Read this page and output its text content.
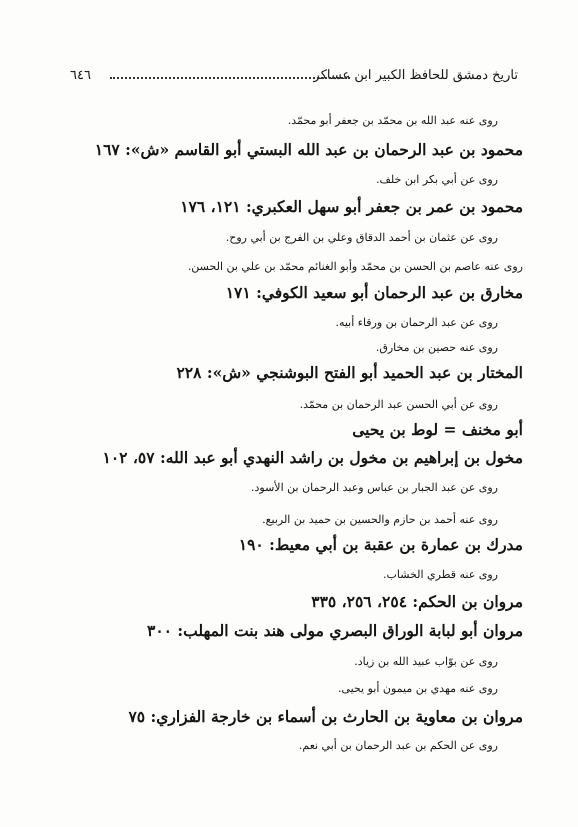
تاريخ دمشق للحافظ الكبير ابن عساكر
٦٤٦
روى عنه عبد الله بن محمّد بن جعفر أبو محمّد.
محمود بن عبد الرحمان بن عبد الله البستي أبو القاسم «ش»: ١٦٧
روى عن أبي بكر ابن خلف.
محمود بن عمر بن جعفر أبو سهل العكبري: ١٢١، ١٧٦
روى عن عثمان بن أحمد الدقاق وعلي بن الفرج بن أبي روح.
روى عنه عاصم بن الحسن بن محمّد وأبو الغنائم محمّد بن علي بن الحسن.
مخارق بن عبد الرحمان أبو سعيد الكوفي: ١٧١
روى عن عبد الرحمان بن ورقاء أبيه.
روى عنه حصين بن مخارق.
المختار بن عبد الحميد أبو الفتح البوشنجي «ش»: ٢٢٨
روى عن أبي الحسن عبد الرحمان بن محمّد.
أبو مخنف = لوط بن يحيى
مخول بن إبراهيم بن مخول بن راشد النهدي أبو عبد الله: ٥٧، ١٠٢
روى عن عبد الجبار بن عباس وعبد الرحمان بن الأسود.
روى عنه أحمد بن حازم والحسين بن حميد بن الربيع.
مدرك بن عمارة بن عقبة بن أبي معيط: ١٩٠
روى عنه قطري الخشاب.
مروان بن الحكم: ٢٥٤، ٢٥٦، ٣٣٥
مروان أبو لبابة الوراق البصري مولى هند بنت المهلب: ٣٠٠
روى عن بوّاب عبيد الله بن زياد.
روى عنه مهدي بن ميمون أبو يحيى.
مروان بن معاوية بن الحارث بن أسماء بن خارجة الفزاري: ٧٥
روى عن الحكم بن عبد الرحمان بن أبي نعم.
